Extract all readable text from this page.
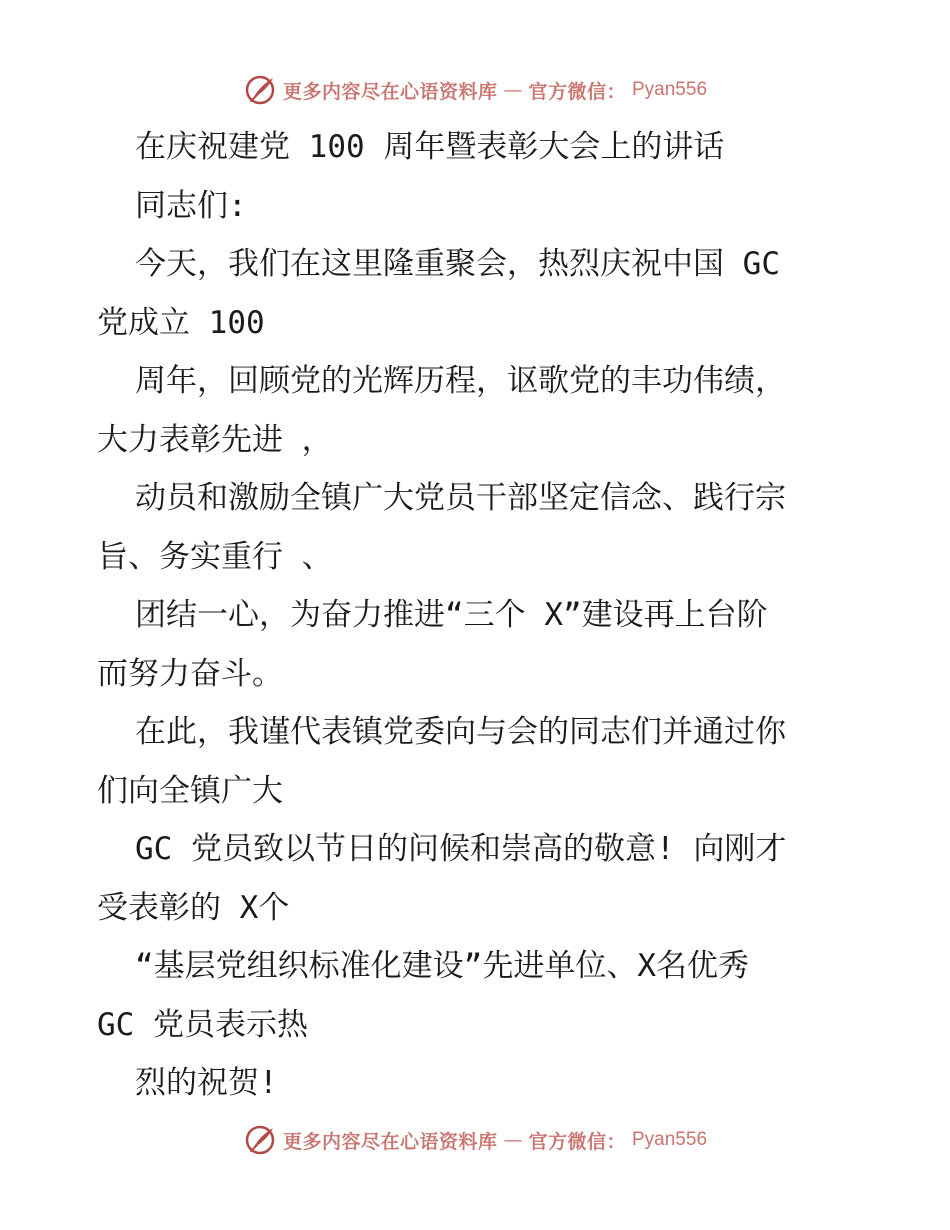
更多内容尽在心语资料库 — 官方微信： Pyan556
在庆祝建党 100 周年暨表彰大会上的讲话
同志们:
今天，我们在这里隆重聚会，热烈庆祝中国 GC
党成立 100
周年，回顾党的光辉历程，讴歌党的丰功伟绩，
大力表彰先进 ，
动员和激励全镇广大党员干部坚定信念、践行宗
旨、务实重行 、
团结一心，为奋力推进“三个 X”建设再上台阶
而努力奋斗。
在此，我谨代表镇党委向与会的同志们并通过你
们向全镇广大
GC 党员致以节日的问候和崇高的敬意! 向刚才
受表彰的 X个
“基层党组织标准化建设”先进单位、X名优秀
GC 党员表示热
烈的祝贺!
更多内容尽在心语资料库 — 官方微信： Pyan556
